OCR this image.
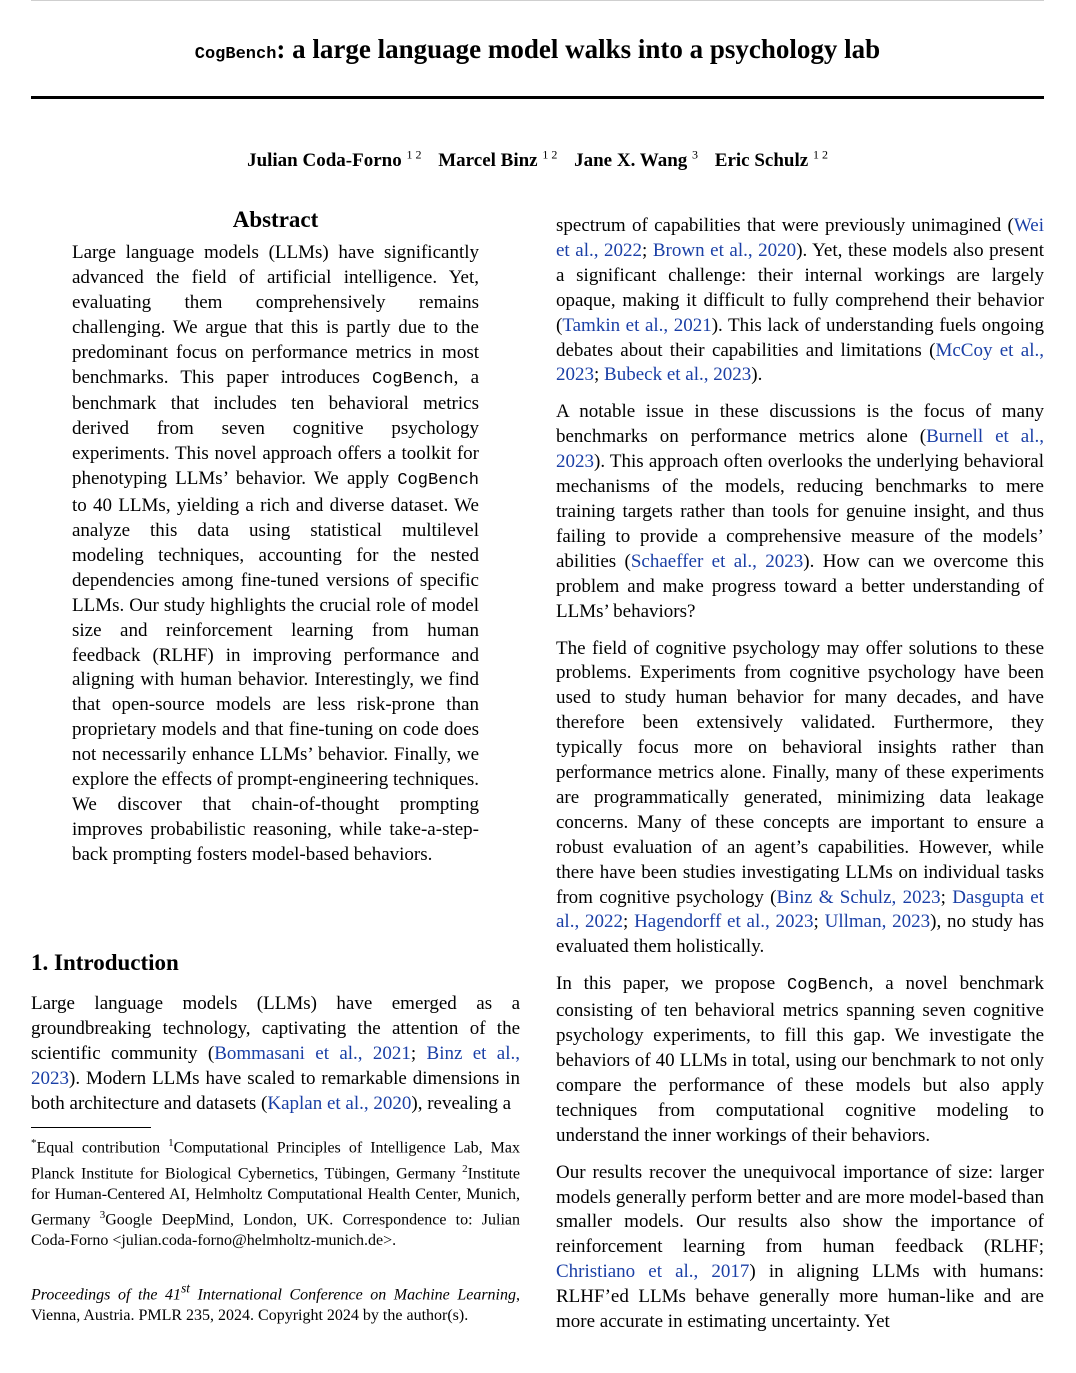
CogBench: a large language model walks into a psychology lab
Julian Coda-Forno $^{1 2}$ Marcel Binz $^{1 2}$ Jane X. Wang $^3$ Eric Schulz $^{1 2}$
Abstract

Large language models (LLMs) have significantly advanced the field of artificial intelligence. Yet, evaluating them comprehensively remains challenging. We argue that this is partly due to the predominant focus on performance metrics in most benchmarks. This paper introduces CogBench, a benchmark that includes ten behavioral metrics derived from seven cognitive psychology experiments. This novel approach offers a toolkit for phenotyping LLMs’ behavior. We apply CogBench to 40 LLMs, yielding a rich and diverse dataset. We analyze this data using statistical multilevel modeling techniques, accounting for the nested dependencies among fine-tuned versions of specific LLMs. Our study highlights the crucial role of model size and reinforcement learning from human feedback (RLHF) in improving performance and aligning with human behavior. Interestingly, we find that open-source models are less risk-prone than proprietary models and that fine-tuning on code does not necessarily enhance LLMs’ behavior. Finally, we explore the effects of prompt-engineering techniques. We discover that chain-of-thought prompting improves probabilistic reasoning, while take-a-step-back prompting fosters model-based behaviors.

1. Introduction

Large language models (LLMs) have emerged as a groundbreaking technology, captivating the attention of the scientific community (Bommasani et al., 2021; Binz et al., 2023). Modern LLMs have scaled to remarkable dimensions in both architecture and datasets (Kaplan et al., 2020), revealing a

*Equal contribution $^1$Computational Principles of Intelligence Lab, Max Planck Institute for Biological Cybernetics, Tübingen, Germany $^2$Institute for Human-Centered AI, Helmholtz Computational Health Center, Munich, Germany $^3$Google DeepMind, London, UK. Correspondence to: Julian Coda-Forno <julian.coda-forno@helmholtz-munich.de>.

Proceedings of the 41st International Conference on Machine Learning, Vienna, Austria. PMLR 235, 2024. Copyright 2024 by the author(s).

spectrum of capabilities that were previously unimagined (Wei et al., 2022; Brown et al., 2020). Yet, these models also present a significant challenge: their internal workings are largely opaque, making it difficult to fully comprehend their behavior (Tamkin et al., 2021). This lack of understanding fuels ongoing debates about their capabilities and limitations (McCoy et al., 2023; Bubeck et al., 2023).

A notable issue in these discussions is the focus of many benchmarks on performance metrics alone (Burnell et al., 2023). This approach often overlooks the underlying behavioral mechanisms of the models, reducing benchmarks to mere training targets rather than tools for genuine insight, and thus failing to provide a comprehensive measure of the models’ abilities (Schaeffer et al., 2023). How can we overcome this problem and make progress toward a better understanding of LLMs’ behaviors?

The field of cognitive psychology may offer solutions to these problems. Experiments from cognitive psychology have been used to study human behavior for many decades, and have therefore been extensively validated. Furthermore, they typically focus more on behavioral insights rather than performance metrics alone. Finally, many of these experiments are programmatically generated, minimizing data leakage concerns. Many of these concepts are important to ensure a robust evaluation of an agent’s capabilities. However, while there have been studies investigating LLMs on individual tasks from cognitive psychology (Binz & Schulz, 2023; Dasgupta et al., 2022; Hagendorff et al., 2023; Ullman, 2023), no study has evaluated them holistically.

In this paper, we propose CogBench, a novel benchmark consisting of ten behavioral metrics spanning seven cognitive psychology experiments, to fill this gap. We investigate the behaviors of 40 LLMs in total, using our benchmark to not only compare the performance of these models but also apply techniques from computational cognitive modeling to understand the inner workings of their behaviors.

Our results recover the unequivocal importance of size: larger models generally perform better and are more model-based than smaller models. Our results also show the importance of reinforcement learning from human feedback (RLHF; Christiano et al., 2017) in aligning LLMs with humans: RLHF’ed LLMs behave generally more human-like and are more accurate in estimating uncertainty. Yet
